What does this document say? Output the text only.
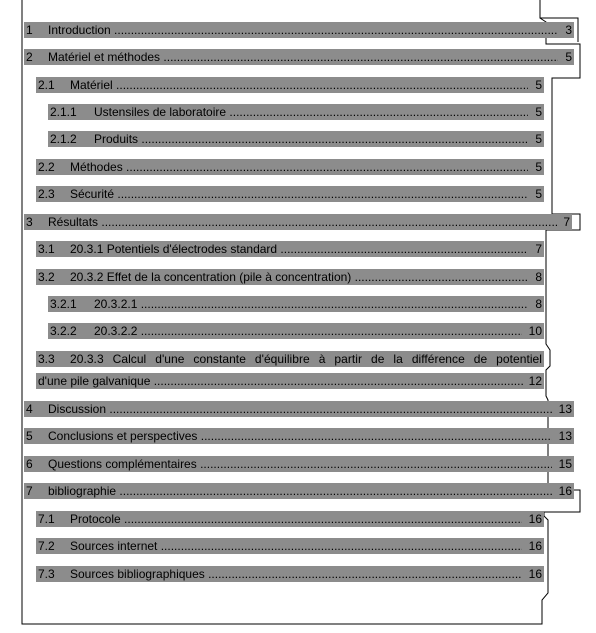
1 Introduction .....	3
2 Matériel et méthodes .....	5
2.1 Matériel .....	5
2.1.1 Ustensiles de laboratoire .....	5
2.1.2 Produits .....	5
2.2 Méthodes .....	5
2.3 Sécurité .....	5
3 Résultats .....	7
3.1 20.3.1 Potentiels d'électrodes standard .....	7
3.2 20.3.2 Effet de la concentration (pile à concentration) .....	8
3.2.1 20.3.2.1 .....	8
3.2.2 20.3.2.2 .....	10
3.3 20.3.3 Calcul d'une constante d'équilibre à partir de la différence de potentiel
d'une pile galvanique .....	12
4 Discussion .....	13
5 Conclusions et perspectives .....	13
6 Questions complémentaires .....	15
7 bibliographie .....	16
7.1 Protocole .....	16
7.2 Sources internet .....	16
7.3 Sources bibliographiques .....	16
